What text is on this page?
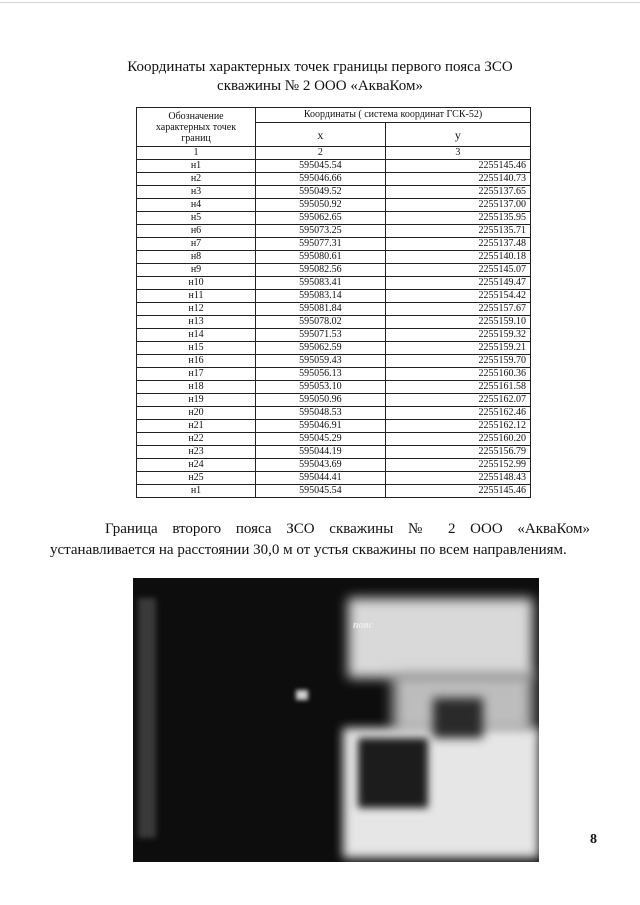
Координаты характерных точек границы первого пояса ЗСО
скважины № 2 ООО «АкваКом»
Обозначение характерных точек границ	Координаты ( система координат ГСК-52)	
	x	y
1	2	3
н1	595045.54	2255145.46
н2	595046.66	2255140.73
н3	595049.52	2255137.65
н4	595050.92	2255137.00
н5	595062.65	2255135.95
н6	595073.25	2255135.71
н7	595077.31	2255137.48
н8	595080.61	2255140.18
н9	595082.56	2255145.07
н10	595083.41	2255149.47
н11	595083.14	2255154.42
н12	595081.84	2255157.67
н13	595078.02	2255159.10
н14	595071.53	2255159.32
н15	595062.59	2255159.21
н16	595059.43	2255159.70
н17	595056.13	2255160.36
н18	595053.10	2255161.58
н19	595050.96	2255162.07
н20	595048.53	2255162.46
н21	595046.91	2255162.12
н22	595045.29	2255160.20
н23	595044.19	2255156.79
н24	595043.69	2255152.99
н25	595044.41	2255148.43
н1	595045.54	2255145.46
Граница второго пояса ЗСО скважины № 2 ООО «АкваКом» устанавливается на расстоянии 30,0 м от устья скважины по всем направлениям.
пояс
8
